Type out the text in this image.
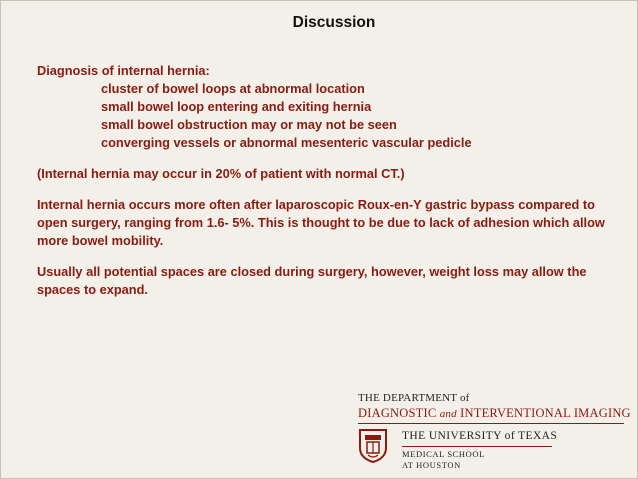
Discussion

Diagnosis of internal hernia:

cluster of bowel loops at abnormal location

small bowel loop entering and exiting hernia

small bowel obstruction may or may not be seen

converging vessels or abnormal mesenteric vascular pedicle

(Internal hernia may occur in 20% of patient with normal CT.)

Internal hernia occurs more often after laparoscopic Roux-en-Y gastric bypass compared to open surgery, ranging from 1.6- 5%. This is thought to be due to lack of adhesion which allow more bowel mobility.

Usually all potential spaces are closed during surgery, however, weight loss may allow the spaces to expand.

THE DEPARTMENT of
DIAGNOSTIC and INTERVENTIONAL IMAGING
THE UNIVERSITY of TEXAS
MEDICAL SCHOOL
AT HOUSTON
